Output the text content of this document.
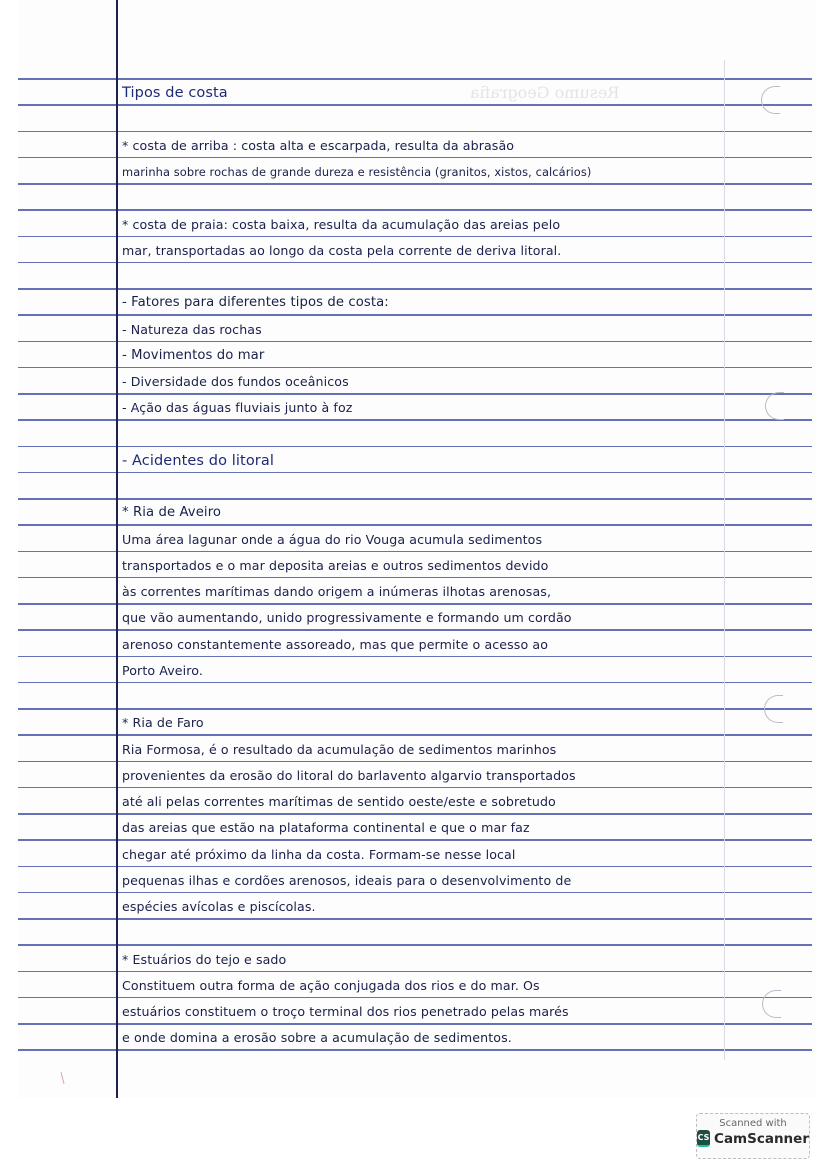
Resumo Geografia
Tipos de costa
* costa de arriba : costa alta e escarpada, resulta da abrasão
marinha sobre rochas de grande dureza e resistência (granitos, xistos, calcários)
* costa de praia: costa baixa, resulta da acumulação das areias pelo
mar, transportadas ao longo da costa pela corrente de deriva litoral.
- Fatores para diferentes tipos de costa:
- Natureza das rochas
- Movimentos do mar
- Diversidade dos fundos oceânicos
- Ação das águas fluviais junto à foz
- Acidentes do litoral
* Ria de Aveiro
Uma área lagunar onde a água do rio Vouga acumula sedimentos
transportados e o mar deposita areias e outros sedimentos devido
às correntes marítimas dando origem a inúmeras ilhotas arenosas,
que vão aumentando, unido progressivamente e formando um cordão
arenoso constantemente assoreado, mas que permite o acesso ao
Porto Aveiro.
* Ria de Faro
Ria Formosa, é o resultado da acumulação de sedimentos marinhos
provenientes da erosão do litoral do barlavento algarvio transportados
até ali pelas correntes marítimas de sentido oeste/este e sobretudo
das areias que estão na plataforma continental e que o mar faz
chegar até próximo da linha da costa. Formam-se nesse local
pequenas ilhas e cordões arenosos, ideais para o desenvolvimento de
espécies avícolas e piscícolas.
* Estuários do tejo e sado
Constituem outra forma de ação conjugada dos rios e do mar. Os
estuários constituem o troço terminal dos rios penetrado pelas marés
e onde domina a erosão sobre a acumulação de sedimentos.
Scanned with
CS CamScanner
